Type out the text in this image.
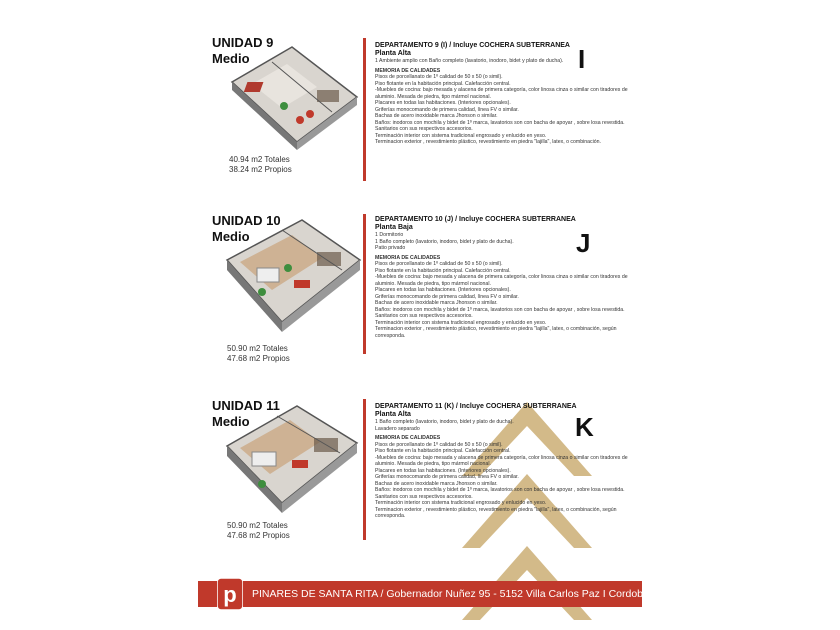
UNIDAD 9
Medio
40.94 m2 Totales
38.24 m2 Propios
DEPARTAMENTO 9 (I) / Incluye COCHERA SUBTERRANEA
Planta Alta
1 Ambiente amplio con Baño completo (lavatorio, inodoro, bidet y plato de ducha).
MEMORIA DE CALIDADES
Pisos de porcellanato de 1º calidad de 50 x 50 (o simil).
Piso flotante en la habitación principal. Calefacción central.
-Muebles de cocina: bajo mesada y alacena de primera categoría, color linosa cinza o similar con tiradores de aluminio. Mesada de piedra, tipo mármol nacional.
Placares en todas las habitaciones. (Interiores opcionales).
Griferías monocomando de primera calidad, línea FV o similar.
Bachas de acero inoxidable marca Jhonson o similar.
Baños: inodoros con mochila y bidet de 1º marca, lavatorios son con bacha de apoyar , sobre losa revestida. Sanitarios con sus respectivos accesorios.
Terminación interior con sistema tradicional engrosado y enlucido en yeso.
Terminacion exterior , revestimiento plástico, revestimiento en piedra "lajilla", latex, o combinación.
I
UNIDAD 10
Medio
50.90 m2 Totales
47.68 m2 Propios
DEPARTAMENTO 10 (J) / Incluye COCHERA SUBTERRANEA
Planta Baja
1 Dormitorio
1 Baño completo (lavatorio, inodoro, bidet y plato de ducha).
Patio privado
MEMORIA DE CALIDADES
Pisos de porcellanato de 1º calidad de 50 x 50 (o simil).
Piso flotante en la habitación principal. Calefacción central.
-Muebles de cocina: bajo mesada y alacena de primera categoría, color linosa cinza o similar con tiradores de aluminio. Mesada de piedra, tipo mármol nacional.
Placares en todas las habitaciones. (Interiores opcionales).
Griferías monocomando de primera calidad, línea FV o similar.
Bachas de acero inoxidable marca Jhonson o similar.
Baños: inodoros con mochila y bidet de 1º marca, lavatorios son con bacha de apoyar , sobre losa revestida. Sanitarios con sus respectivos accesorios.
Terminación interior con sistema tradicional engrosado y enlucido en yeso.
Terminacion exterior , revestimiento plástico, revestimiento en piedra "lajilla", latex, o combinación, según corresponda.
J
UNIDAD 11
Medio
50.90 m2 Totales
47.68 m2 Propios
DEPARTAMENTO 11 (K) / Incluye COCHERA SUBTERRANEA
Planta Alta
1 Baño completo (lavatorio, inodoro, bidet y plato de ducha).
Lavadero separado
MEMORIA DE CALIDADES
Pisos de porcellanato de 1º calidad de 50 x 50 (o simil).
Piso flotante en la habitación principal. Calefacción central.
-Muebles de cocina: bajo mesada y alacena de primera categoría, color linosa cinza o similar con tiradores de aluminio. Mesada de piedra, tipo mármol nacional.
Placares en todas las habitaciones. (Interiores opcionales).
Griferías monocomando de primera calidad, línea FV o similar.
Bachas de acero inoxidable marca Jhonson o similar.
Baños: inodoros con mochila y bidet de 1º marca, lavatorios son con bacha de apoyar , sobre losa revestida. Sanitarios con sus respectivos accesorios.
Terminación interior con sistema tradicional engrosado y enlucido en yeso.
Terminacion exterior , revestimiento plástico, revestimiento en piedra "lajilla", latex, o combinación, según corresponda.
K
p PINARES DE SANTA RITA / Gobernador Nuñez 95 - 5152 Villa Carlos Paz I Cordoba
